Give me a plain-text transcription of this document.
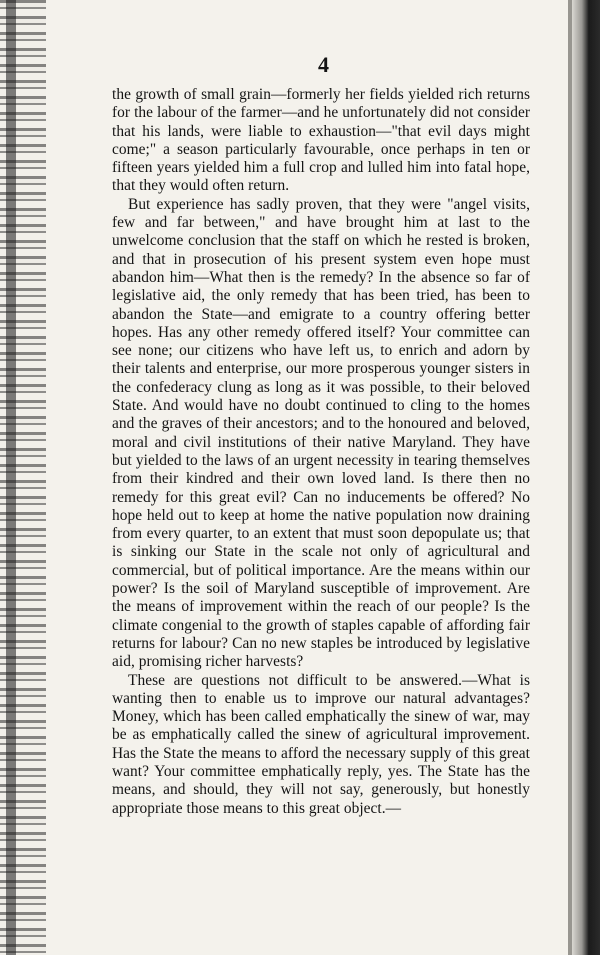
4

the growth of small grain—formerly her fields yielded rich returns for the labour of the farmer—and he unfortunately did not consider that his lands, were liable to exhaustion—"that evil days might come;" a season particularly favourable, once perhaps in ten or fifteen years yielded him a full crop and lulled him into fatal hope, that they would often return.

But experience has sadly proven, that they were "angel visits, few and far between," and have brought him at last to the unwelcome conclusion that the staff on which he rested is broken, and that in prosecution of his present system even hope must abandon him—What then is the remedy? In the absence so far of legislative aid, the only remedy that has been tried, has been to abandon the State—and emigrate to a country offering better hopes. Has any other remedy offered itself? Your committee can see none; our citizens who have left us, to enrich and adorn by their talents and enterprise, our more prosperous younger sisters in the confederacy clung as long as it was possible, to their beloved State. And would have no doubt continued to cling to the homes and the graves of their ancestors; and to the honoured and beloved, moral and civil institutions of their native Maryland. They have but yielded to the laws of an urgent necessity in tearing themselves from their kindred and their own loved land. Is there then no remedy for this great evil? Can no inducements be offered? No hope held out to keep at home the native population now draining from every quarter, to an extent that must soon depopulate us; that is sinking our State in the scale not only of agricultural and commercial, but of political importance. Are the means within our power? Is the soil of Maryland susceptible of improvement. Are the means of improvement within the reach of our people? Is the climate congenial to the growth of staples capable of affording fair returns for labour? Can no new staples be introduced by legislative aid, promising richer harvests?

These are questions not difficult to be answered.—What is wanting then to enable us to improve our natural advantages? Money, which has been called emphatically the sinew of war, may be as emphatically called the sinew of agricultural improvement. Has the State the means to afford the necessary supply of this great want? Your committee emphatically reply, yes. The State has the means, and should, they will not say, generously, but honestly appropriate those means to this great object.—
